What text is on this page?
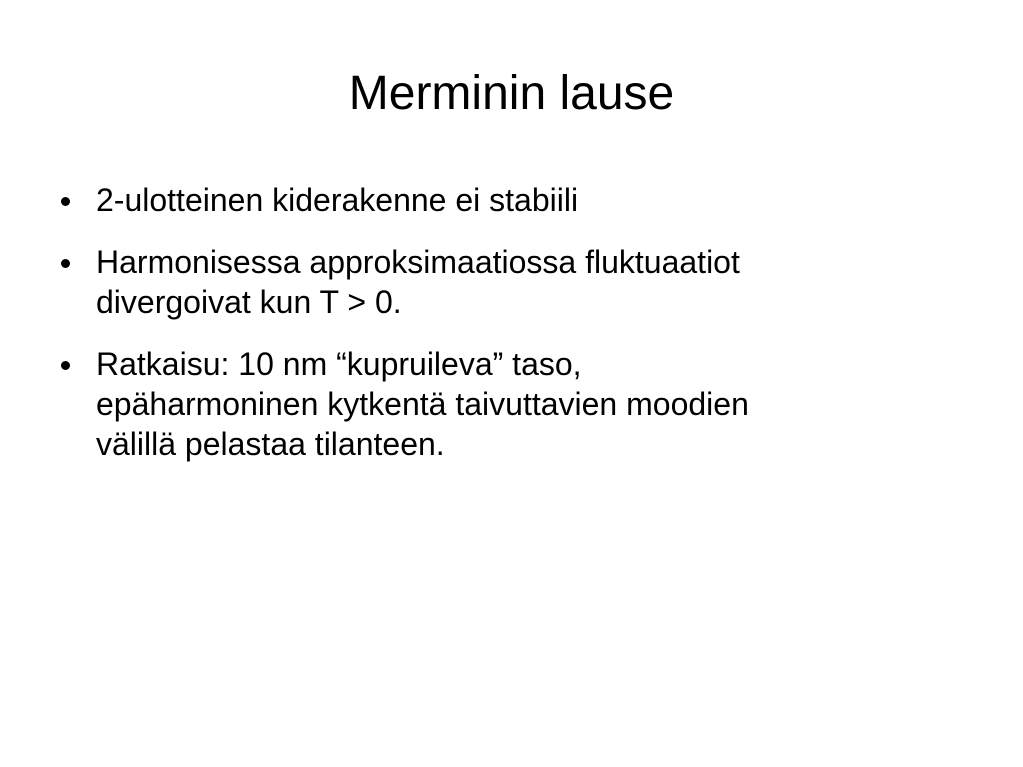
Merminin lause
2-ulotteinen kiderakenne ei stabiili
Harmonisessa approksimaatiossa fluktuaatiot
divergoivat kun T > 0.
Ratkaisu: 10 nm “kupruileva” taso,
epäharmoninen kytkentä taivuttavien moodien
välillä pelastaa tilanteen.
